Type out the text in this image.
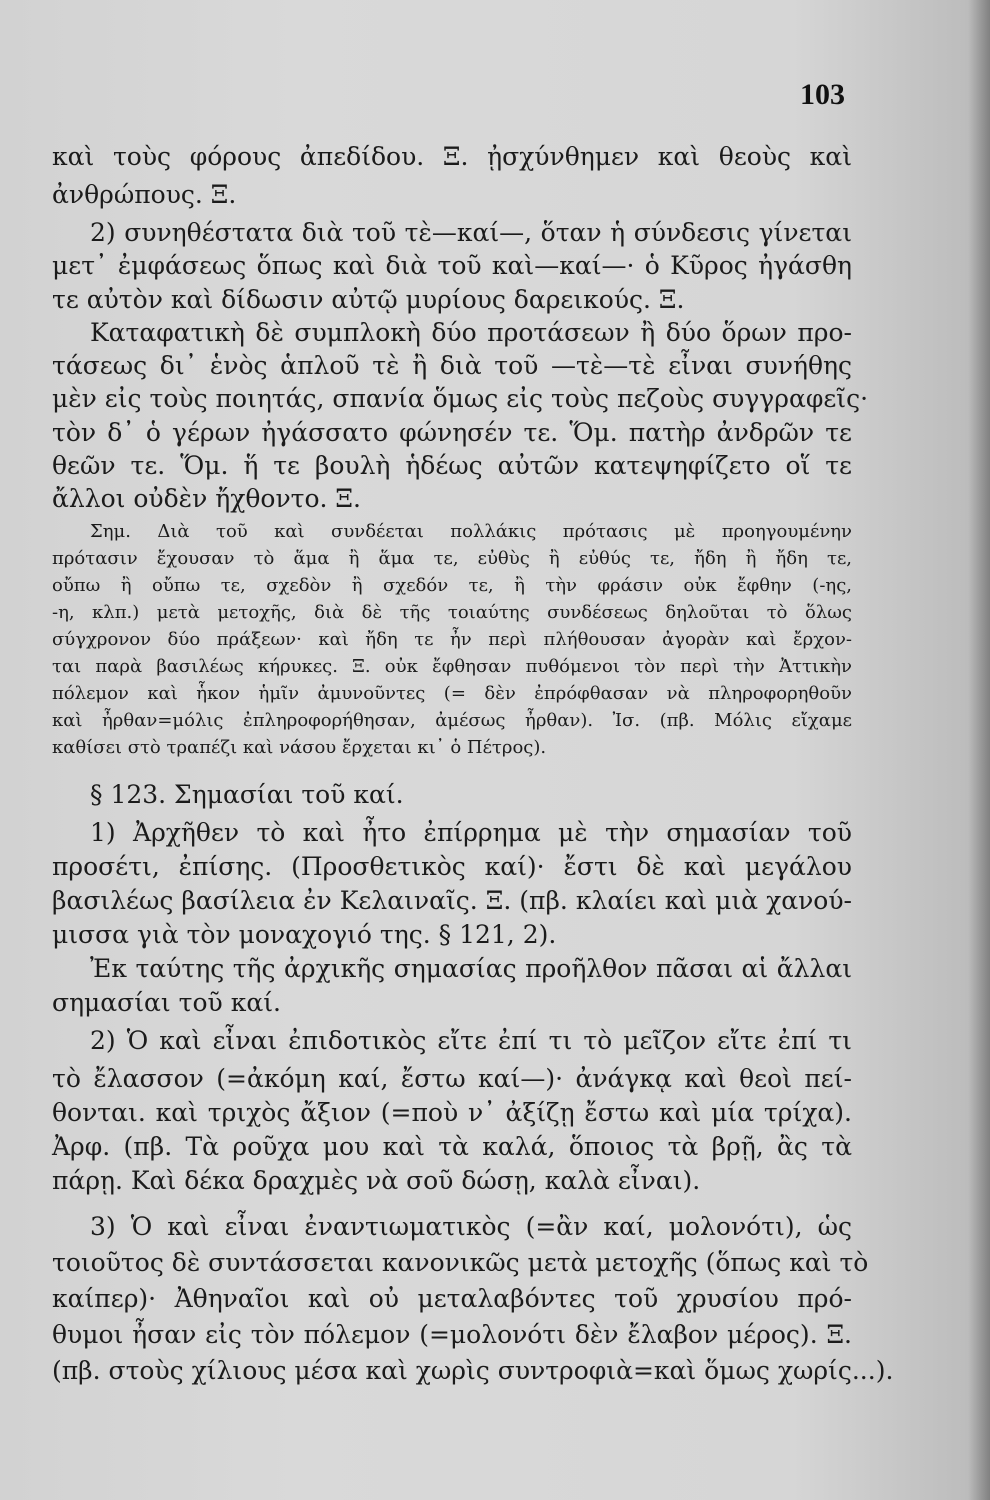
103
καὶ τοὺς φόρους ἀπεδίδου. Ξ. ᾐσχύνθημεν καὶ θεοὺς καὶ
ἀνθρώπους. Ξ.
2) συνηθέστατα διὰ τοῦ τὲ—καί—, ὅταν ἡ σύνδεσις γίνεται
μετ᾽ ἐμφάσεως ὅπως καὶ διὰ τοῦ καὶ—καί—· ὁ Κῦρος ἠγάσθη
τε αὐτὸν καὶ δίδωσιν αὐτῷ μυρίους δαρεικούς. Ξ.
Καταφατικὴ δὲ συμπλοκὴ δύο προτάσεων ἢ δύο ὅρων προ-
τάσεως δι᾽ ἑνὸς ἁπλοῦ τὲ ἢ διὰ τοῦ —τὲ—τὲ εἶναι συνήθης
μὲν εἰς τοὺς ποιητάς, σπανία ὅμως εἰς τοὺς πεζοὺς συγγραφεῖς·
τὸν δ᾽ ὁ γέρων ἠγάσσατο φώνησέν τε. Ὅμ. πατὴρ ἀνδρῶν τε
θεῶν τε. Ὅμ. ἥ τε βουλὴ ἡδέως αὐτῶν κατεψηφίζετο οἵ τε
ἄλλοι οὐδὲν ἤχθοντο. Ξ.
Σημ. Διὰ τοῦ καὶ συνδέεται πολλάκις πρότασις μὲ προηγουμένην
πρότασιν ἔχουσαν τὸ ἅμα ἢ ἅμα τε, εὐθὺς ἢ εὐθύς τε, ἤδη ἢ ἤδη τε,
οὔπω ἢ οὔπω τε, σχεδὸν ἢ σχεδόν τε, ἢ τὴν φράσιν οὐκ ἔφθην (-ης,
-η, κλπ.) μετὰ μετοχῆς, διὰ δὲ τῆς τοιαύτης συνδέσεως δηλοῦται τὸ ὅλως
σύγχρονον δύο πράξεων· καὶ ἤδη τε ἦν περὶ πλήθουσαν ἀγορὰν καὶ ἔρχον-
ται παρὰ βασιλέως κήρυκες. Ξ. οὐκ ἔφθησαν πυθόμενοι τὸν περὶ τὴν Ἀττικὴν
πόλεμον καὶ ἧκον ἡμῖν ἀμυνοῦντες (= δὲν ἐπρόφθασαν νὰ πληροφορηθοῦν
καὶ ἦρθαν=μόλις ἐπληροφορήθησαν, ἀμέσως ἦρθαν). Ἰσ. (πβ. Μόλις εἴχαμε
καθίσει στὸ τραπέζι καὶ νάσου ἔρχεται κι᾽ ὁ Πέτρος).
§ 123. Σημασίαι τοῦ καί.
1) Ἀρχῆθεν τὸ καὶ ἦτο ἐπίρρημα μὲ τὴν σημασίαν τοῦ
προσέτι, ἐπίσης. (Προσθετικὸς καί)· ἔστι δὲ καὶ μεγάλου
βασιλέως βασίλεια ἐν Κελαιναῖς. Ξ. (πβ. κλαίει καὶ μιὰ χανού-
μισσα γιὰ τὸν μοναχογιό της. § 121, 2).
Ἐκ ταύτης τῆς ἀρχικῆς σημασίας προῆλθον πᾶσαι αἱ ἄλλαι
σημασίαι τοῦ καί.
2) Ὁ καὶ εἶναι ἐπιδοτικὸς εἴτε ἐπί τι τὸ μεῖζον εἴτε ἐπί τι
τὸ ἔλασσον (=ἀκόμη καί, ἔστω καί—)· ἀνάγκᾳ καὶ θεοὶ πεί-
θονται. καὶ τριχὸς ἄξιον (=ποὺ ν᾽ ἀξίζῃ ἔστω καὶ μία τρίχα).
Ἀρφ. (πβ. Τὰ ροῦχα μου καὶ τὰ καλά, ὅποιος τὰ βρῇ, ἂς τὰ
πάρῃ. Καὶ δέκα δραχμὲς νὰ σοῦ δώσῃ, καλὰ εἶναι).
3) Ὁ καὶ εἶναι ἐναντιωματικὸς (=ἂν καί, μολονότι), ὡς
τοιοῦτος δὲ συντάσσεται κανονικῶς μετὰ μετοχῆς (ὅπως καὶ τὸ
καίπερ)· Ἀθηναῖοι καὶ οὐ μεταλαβόντες τοῦ χρυσίου πρό-
θυμοι ἦσαν εἰς τὸν πόλεμον (=μολονότι δὲν ἔλαβον μέρος). Ξ.
(πβ. στοὺς χίλιους μέσα καὶ χωρὶς συντροφιὰ=καὶ ὅμως χωρίς...).
